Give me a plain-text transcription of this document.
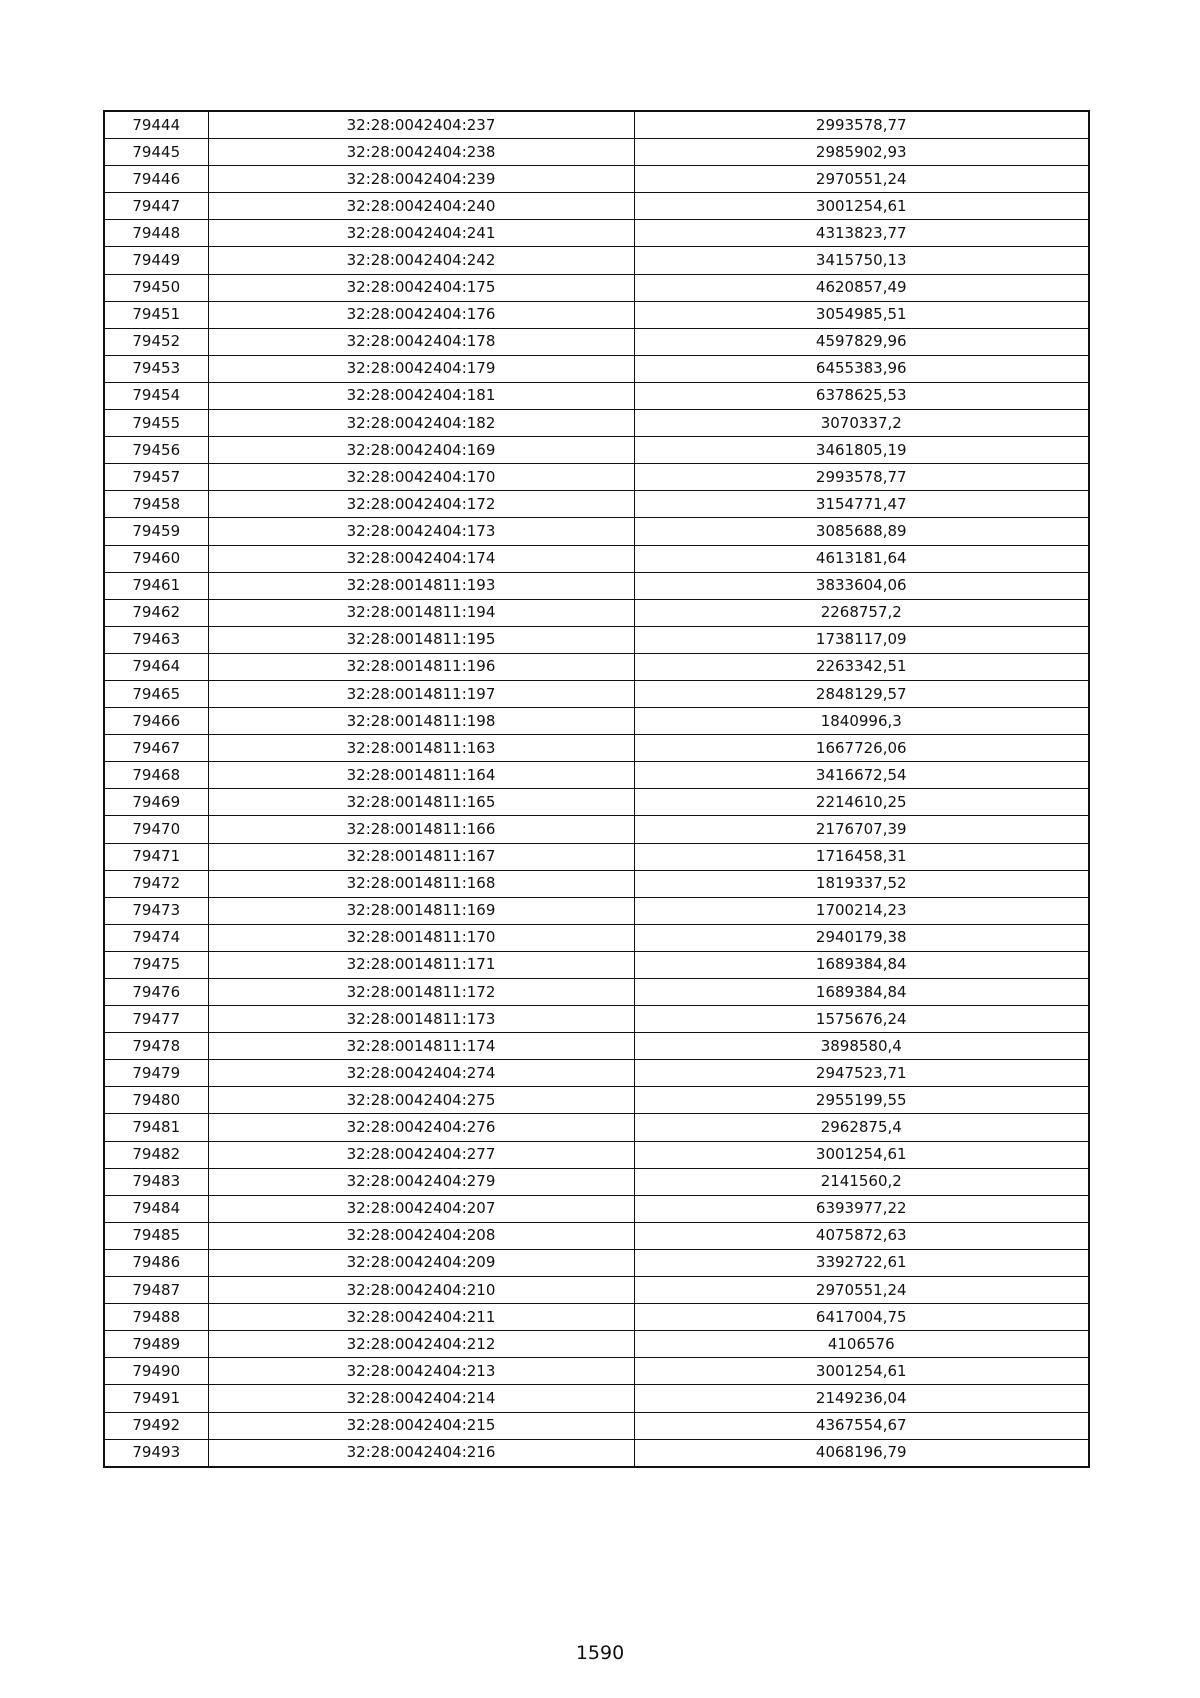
79444	32:28:0042404:237	2993578,77
79445	32:28:0042404:238	2985902,93
79446	32:28:0042404:239	2970551,24
79447	32:28:0042404:240	3001254,61
79448	32:28:0042404:241	4313823,77
79449	32:28:0042404:242	3415750,13
79450	32:28:0042404:175	4620857,49
79451	32:28:0042404:176	3054985,51
79452	32:28:0042404:178	4597829,96
79453	32:28:0042404:179	6455383,96
79454	32:28:0042404:181	6378625,53
79455	32:28:0042404:182	3070337,2
79456	32:28:0042404:169	3461805,19
79457	32:28:0042404:170	2993578,77
79458	32:28:0042404:172	3154771,47
79459	32:28:0042404:173	3085688,89
79460	32:28:0042404:174	4613181,64
79461	32:28:0014811:193	3833604,06
79462	32:28:0014811:194	2268757,2
79463	32:28:0014811:195	1738117,09
79464	32:28:0014811:196	2263342,51
79465	32:28:0014811:197	2848129,57
79466	32:28:0014811:198	1840996,3
79467	32:28:0014811:163	1667726,06
79468	32:28:0014811:164	3416672,54
79469	32:28:0014811:165	2214610,25
79470	32:28:0014811:166	2176707,39
79471	32:28:0014811:167	1716458,31
79472	32:28:0014811:168	1819337,52
79473	32:28:0014811:169	1700214,23
79474	32:28:0014811:170	2940179,38
79475	32:28:0014811:171	1689384,84
79476	32:28:0014811:172	1689384,84
79477	32:28:0014811:173	1575676,24
79478	32:28:0014811:174	3898580,4
79479	32:28:0042404:274	2947523,71
79480	32:28:0042404:275	2955199,55
79481	32:28:0042404:276	2962875,4
79482	32:28:0042404:277	3001254,61
79483	32:28:0042404:279	2141560,2
79484	32:28:0042404:207	6393977,22
79485	32:28:0042404:208	4075872,63
79486	32:28:0042404:209	3392722,61
79487	32:28:0042404:210	2970551,24
79488	32:28:0042404:211	6417004,75
79489	32:28:0042404:212	4106576
79490	32:28:0042404:213	3001254,61
79491	32:28:0042404:214	2149236,04
79492	32:28:0042404:215	4367554,67
79493	32:28:0042404:216	4068196,79
1590
